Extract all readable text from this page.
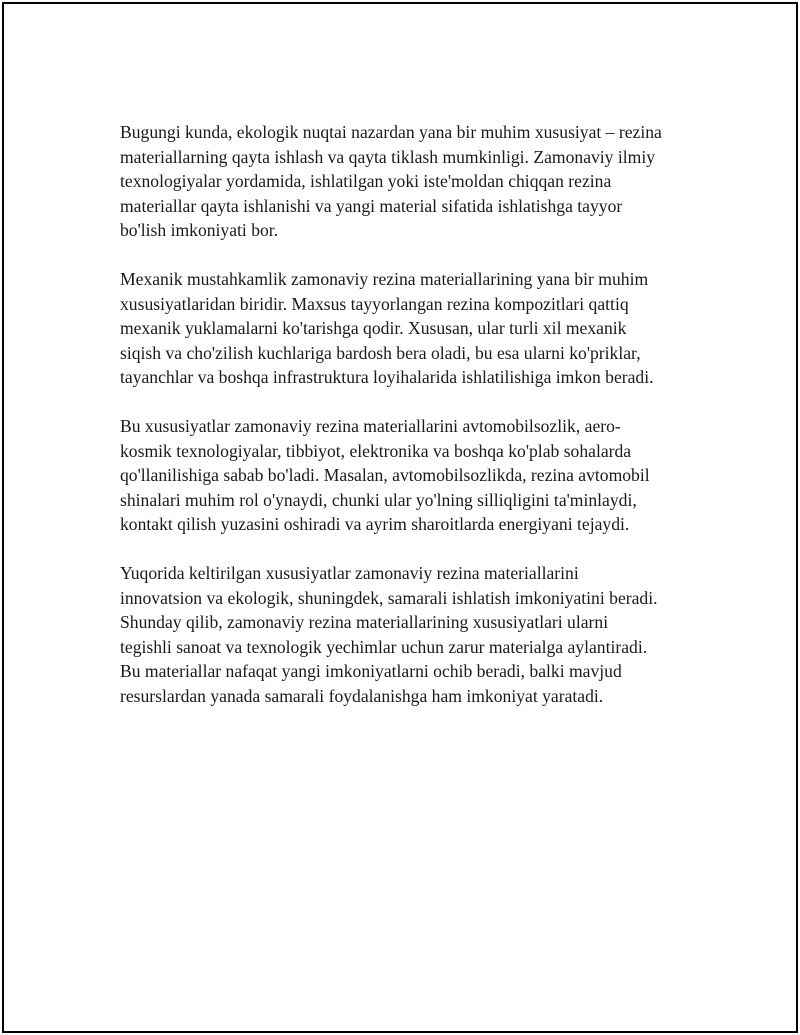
Bugungi kunda, ekologik nuqtai nazardan yana bir muhim xususiyat – rezina
materiallarning qayta ishlash va qayta tiklash mumkinligi. Zamonaviy ilmiy
texnologiyalar yordamida, ishlatilgan yoki iste'moldan chiqqan rezina
materiallar qayta ishlanishi va yangi material sifatida ishlatishga tayyor
bo'lish imkoniyati bor.

Mexanik mustahkamlik zamonaviy rezina materiallarining yana bir muhim
xususiyatlaridan biridir. Maxsus tayyorlangan rezina kompozitlari qattiq
mexanik yuklamalarni ko'tarishga qodir. Xususan, ular turli xil mexanik
siqish va cho'zilish kuchlariga bardosh bera oladi, bu esa ularni ko'priklar,
tayanchlar va boshqa infrastruktura loyihalarida ishlatilishiga imkon beradi.

Bu xususiyatlar zamonaviy rezina materiallarini avtomobilsozlik, aero-
kosmik texnologiyalar, tibbiyot, elektronika va boshqa ko'plab sohalarda
qo'llanilishiga sabab bo'ladi. Masalan, avtomobilsozlikda, rezina avtomobil
shinalari muhim rol o'ynaydi, chunki ular yo'lning silliqligini ta'minlaydi,
kontakt qilish yuzasini oshiradi va ayrim sharoitlarda energiyani tejaydi.

Yuqorida keltirilgan xususiyatlar zamonaviy rezina materiallarini
innovatsion va ekologik, shuningdek, samarali ishlatish imkoniyatini beradi.
Shunday qilib, zamonaviy rezina materiallarining xususiyatlari ularni
tegishli sanoat va texnologik yechimlar uchun zarur materialga aylantiradi.
Bu materiallar nafaqat yangi imkoniyatlarni ochib beradi, balki mavjud
resurslardan yanada samarali foydalanishga ham imkoniyat yaratadi.
